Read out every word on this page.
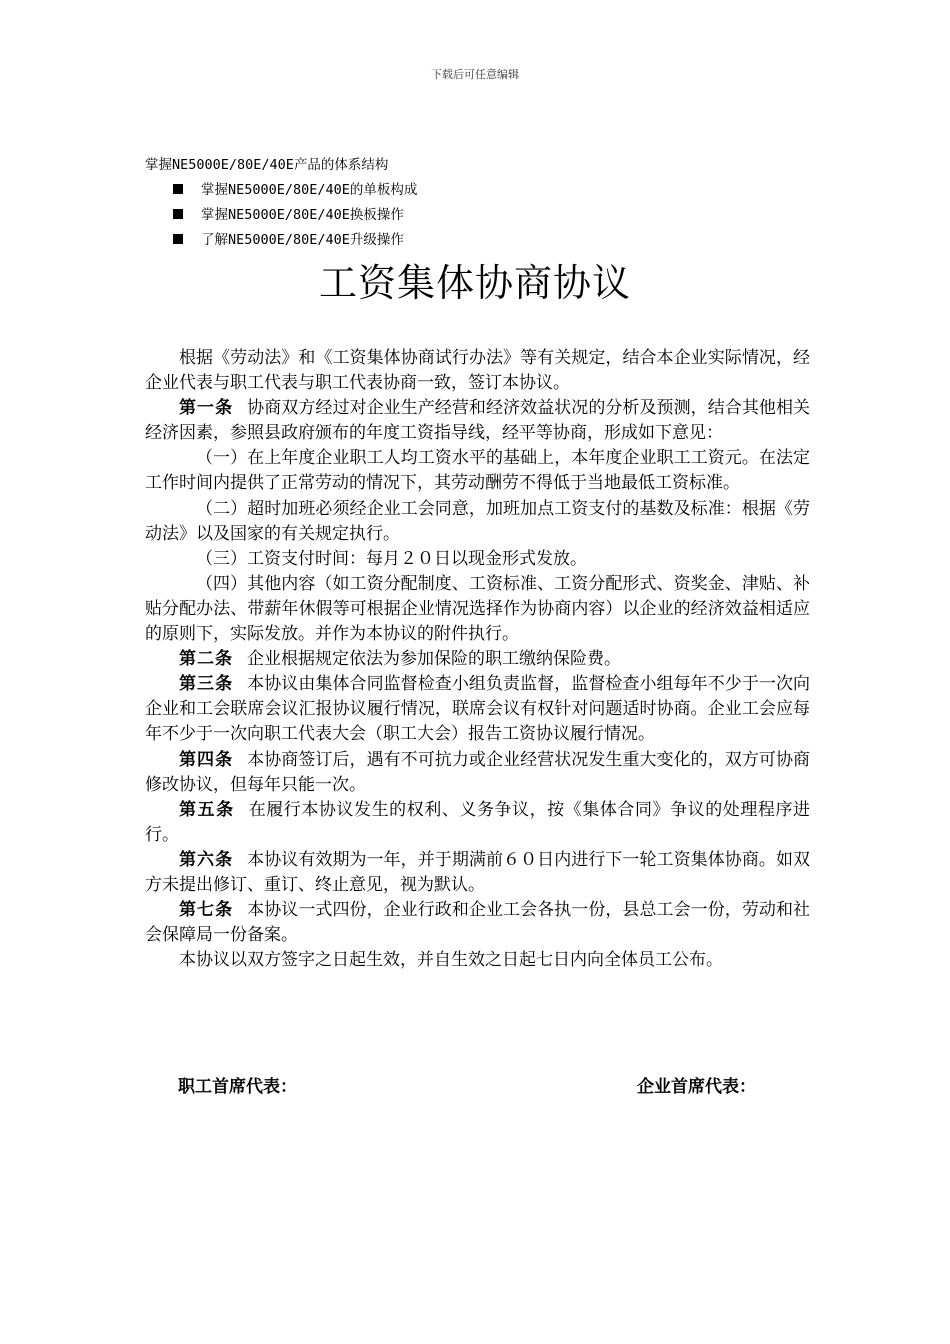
下载后可任意编辑
掌握NE5000E/80E/40E产品的体系结构
掌握NE5000E/80E/40E的单板构成
掌握NE5000E/80E/40E换板操作
了解NE5000E/80E/40E升级操作
工资集体协商协议

根据《劳动法》和《工资集体协商试行办法》等有关规定，结合本企业实际情况，经企业代表与职工代表与职工代表协商一致，签订本协议。

第一条 协商双方经过对企业生产经营和经济效益状况的分析及预测，结合其他相关经济因素，参照县政府颁布的年度工资指导线，经平等协商，形成如下意见：

（一）在上年度企业职工人均工资水平的基础上，本年度企业职工工资元。在法定工作时间内提供了正常劳动的情况下，其劳动酬劳不得低于当地最低工资标准。

（二）超时加班必须经企业工会同意，加班加点工资支付的基数及标准：根据《劳动法》以及国家的有关规定执行。

（三）工资支付时间：每月２０日以现金形式发放。

（四）其他内容（如工资分配制度、工资标准、工资分配形式、资奖金、津贴、补贴分配办法、带薪年休假等可根据企业情况选择作为协商内容）以企业的经济效益相适应的原则下，实际发放。并作为本协议的附件执行。

第二条 企业根据规定依法为参加保险的职工缴纳保险费。

第三条 本协议由集体合同监督检查小组负责监督，监督检查小组每年不少于一次向企业和工会联席会议汇报协议履行情况，联席会议有权针对问题适时协商。企业工会应每年不少于一次向职工代表大会（职工大会）报告工资协议履行情况。

第四条 本协商签订后，遇有不可抗力或企业经营状况发生重大变化的，双方可协商修改协议，但每年只能一次。

第五条 在履行本协议发生的权利、义务争议，按《集体合同》争议的处理程序进行。

第六条 本协议有效期为一年，并于期满前６０日内进行下一轮工资集体协商。如双方未提出修订、重订、终止意见，视为默认。

第七条 本协议一式四份，企业行政和企业工会各执一份，县总工会一份，劳动和社会保障局一份备案。

本协议以双方签字之日起生效，并自生效之日起七日内向全体员工公布。

职工首席代表：	企业首席代表：
